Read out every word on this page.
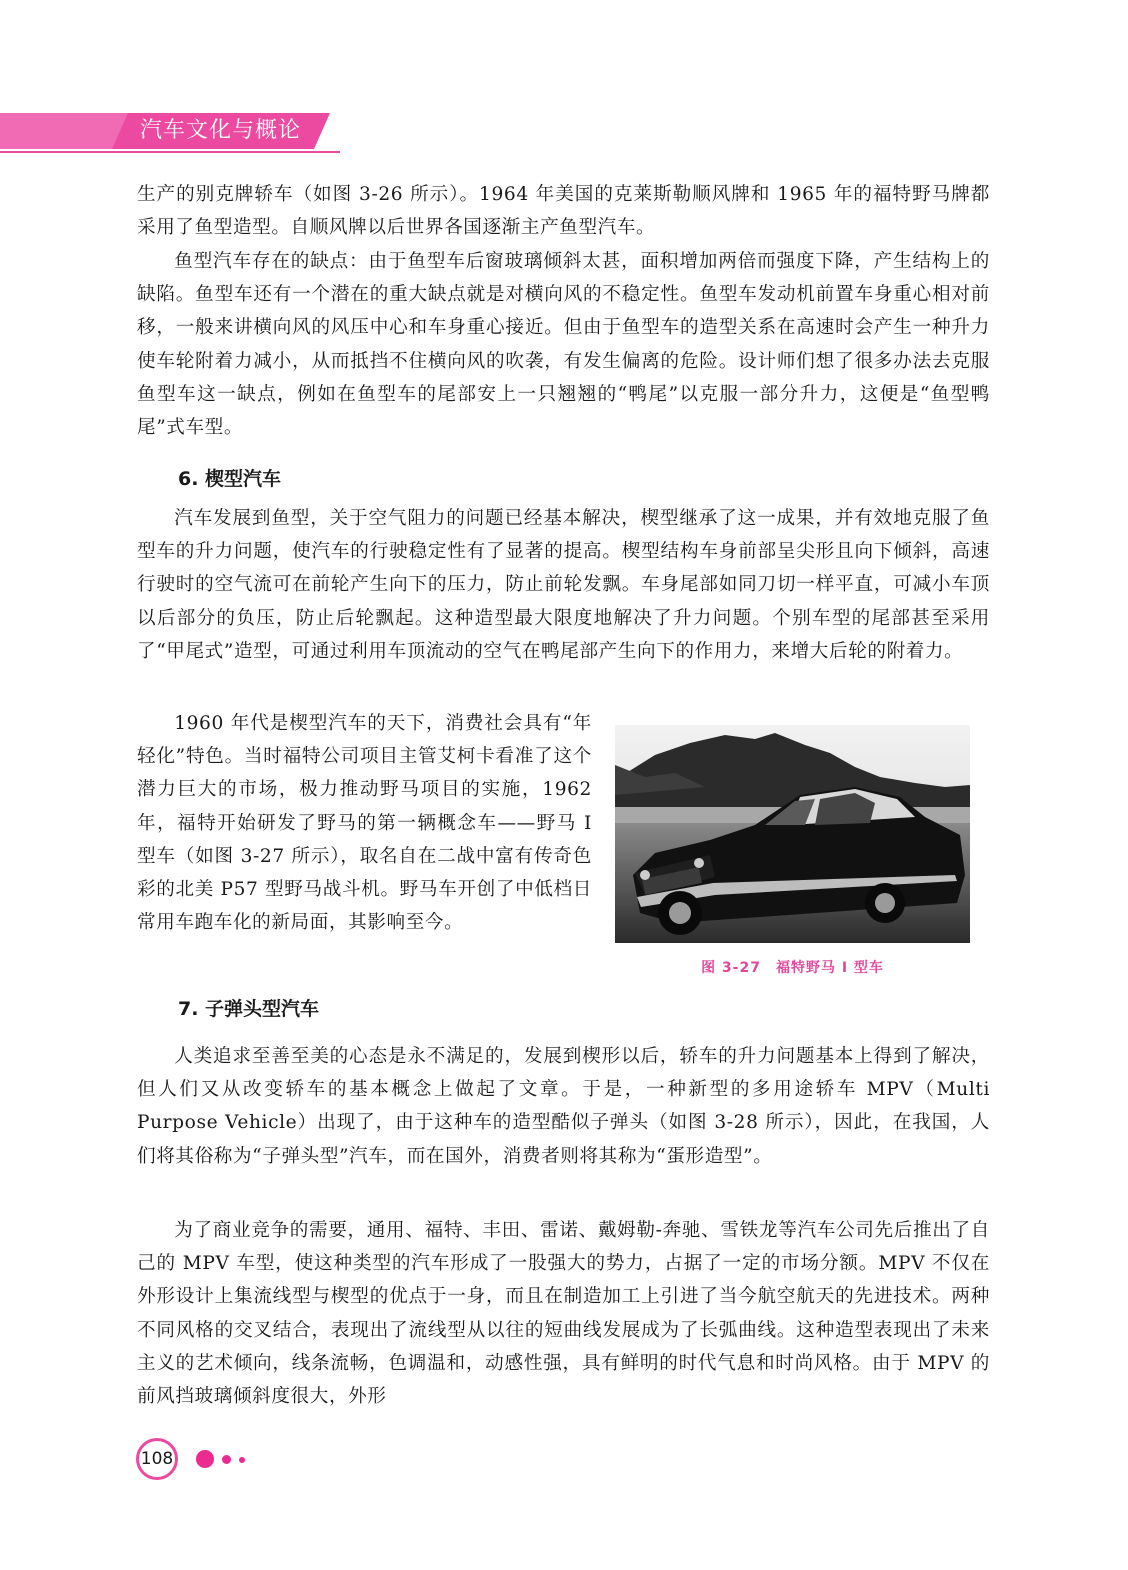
汽车文化与概论
生产的别克牌轿车（如图 3-26 所示）。1964 年美国的克莱斯勒顺风牌和 1965 年的福特野马牌都采用了鱼型造型。自顺风牌以后世界各国逐渐主产鱼型汽车。
鱼型汽车存在的缺点：由于鱼型车后窗玻璃倾斜太甚，面积增加两倍而强度下降，产生结构上的缺陷。鱼型车还有一个潜在的重大缺点就是对横向风的不稳定性。鱼型车发动机前置车身重心相对前移，一般来讲横向风的风压中心和车身重心接近。但由于鱼型车的造型关系在高速时会产生一种升力使车轮附着力减小，从而抵挡不住横向风的吹袭，有发生偏离的危险。设计师们想了很多办法去克服鱼型车这一缺点，例如在鱼型车的尾部安上一只翘翘的“鸭尾”以克服一部分升力，这便是“鱼型鸭尾”式车型。
6. 楔型汽车
汽车发展到鱼型，关于空气阻力的问题已经基本解决，楔型继承了这一成果，并有效地克服了鱼型车的升力问题，使汽车的行驶稳定性有了显著的提高。楔型结构车身前部呈尖形且向下倾斜，高速行驶时的空气流可在前轮产生向下的压力，防止前轮发飘。车身尾部如同刀切一样平直，可减小车顶以后部分的负压，防止后轮飘起。这种造型最大限度地解决了升力问题。个别车型的尾部甚至采用了“甲尾式”造型，可通过利用车顶流动的空气在鸭尾部产生向下的作用力，来增大后轮的附着力。
1960 年代是楔型汽车的天下，消费社会具有“年轻化”特色。当时福特公司项目主管艾柯卡看准了这个潜力巨大的市场，极力推动野马项目的实施，1962 年，福特开始研发了野马的第一辆概念车——野马 I 型车（如图 3-27 所示），取名自在二战中富有传奇色彩的北美 P57 型野马战斗机。野马车开创了中低档日常用车跑车化的新局面，其影响至今。
图 3-27　福特野马 I 型车
7. 子弹头型汽车
人类追求至善至美的心态是永不满足的，发展到楔形以后，轿车的升力问题基本上得到了解决，但人们又从改变轿车的基本概念上做起了文章。于是，一种新型的多用途轿车 MPV（Multi Purpose Vehicle）出现了，由于这种车的造型酷似子弹头（如图 3-28 所示），因此，在我国，人们将其俗称为“子弹头型”汽车，而在国外，消费者则将其称为“蛋形造型”。
为了商业竞争的需要，通用、福特、丰田、雷诺、戴姆勒-奔驰、雪铁龙等汽车公司先后推出了自己的 MPV 车型，使这种类型的汽车形成了一股强大的势力，占据了一定的市场分额。MPV 不仅在外形设计上集流线型与楔型的优点于一身，而且在制造加工上引进了当今航空航天的先进技术。两种不同风格的交叉结合，表现出了流线型从以往的短曲线发展成为了长弧曲线。这种造型表现出了未来主义的艺术倾向，线条流畅，色调温和，动感性强，具有鲜明的时代气息和时尚风格。由于 MPV 的前风挡玻璃倾斜度很大，外形
108
